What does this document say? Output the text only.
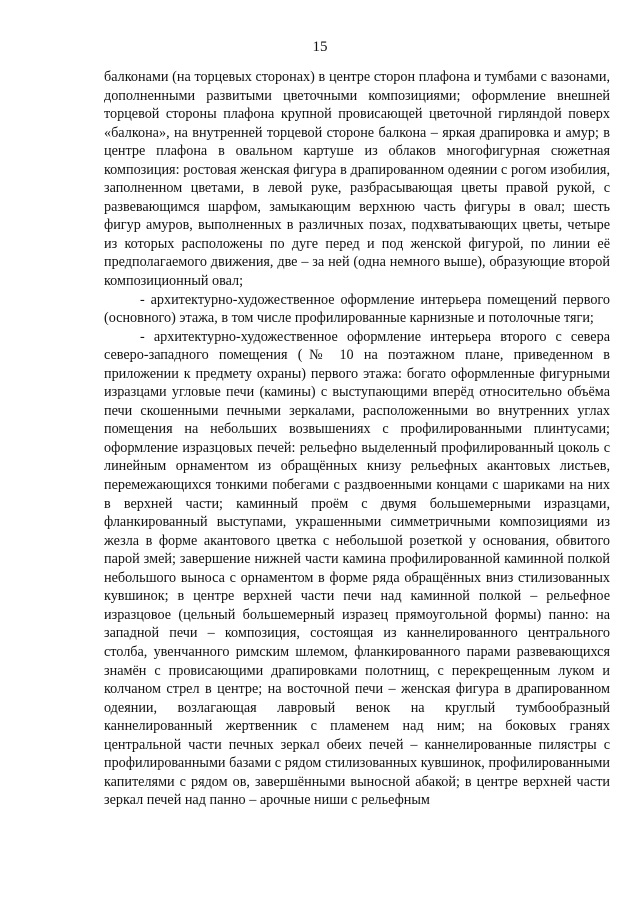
15

балконами (на торцевых сторонах) в центре сторон плафона и тумбами с вазонами, дополненными развитыми цветочными композициями; оформление внешней торцевой стороны плафона крупной провисающей цветочной гирляндой поверх «балкона», на внутренней торцевой стороне балкона – яркая драпировка и амур; в центре плафона в овальном картуше из облаков многофигурная сюжетная композиция: ростовая женская фигура в драпированном одеянии с рогом изобилия, заполненном цветами, в левой руке, разбрасывающая цветы правой рукой, с развевающимся шарфом, замыкающим верхнюю часть фигуры в овал; шесть фигур амуров, выполненных в различных позах, подхватывающих цветы, четыре из которых расположены по дуге перед и под женской фигурой, по линии её предполагаемого движения, две – за ней (одна немного выше), образующие второй композиционный овал;

- архитектурно-художественное оформление интерьера помещений первого (основного) этажа, в том числе профилированные карнизные и потолочные тяги;

- архитектурно-художественное оформление интерьера второго с севера северо-западного помещения (№ 10 на поэтажном плане, приведенном в приложении к предмету охраны) первого этажа: богато оформленные фигурными изразцами угловые печи (камины) с выступающими вперёд относительно объёма печи скошенными печными зеркалами, расположенными во внутренних углах помещения на небольших возвышениях с профилированными плинтусами; оформление изразцовых печей: рельефно выделенный профилированный цоколь с линейным орнаментом из обращённых книзу рельефных акантовых листьев, перемежающихся тонкими побегами с раздвоенными концами с шариками на них в верхней части; каминный проём с двумя большемерными изразцами, фланкированный выступами, украшенными симметричными композициями из жезла в форме акантового цветка с небольшой розеткой у основания, обвитого парой змей; завершение нижней части камина профилированной каминной полкой небольшого выноса с орнаментом в форме ряда обращённых вниз стилизованных кувшинок; в центре верхней части печи над каминной полкой – рельефное изразцовое (цельный большемерный изразец прямоугольной формы) панно: на западной печи – композиция, состоящая из каннелированного центрального столба, увенчанного римским шлемом, фланкированного парами развевающихся знамён с провисающими драпировками полотнищ, с перекрещенным луком и колчаном стрел в центре; на восточной печи – женская фигура в драпированном одеянии, возлагающая лавровый венок на круглый тумбообразный каннелированный жертвенник с пламенем над ним; на боковых гранях центральной части печных зеркал обеих печей – каннелированные пилястры с профилированными базами с рядом стилизованных кувшинок, профилированными капителями с рядом ов, завершёнными выносной абакой; в центре верхней части зеркал печей над панно – арочные ниши с рельефным
